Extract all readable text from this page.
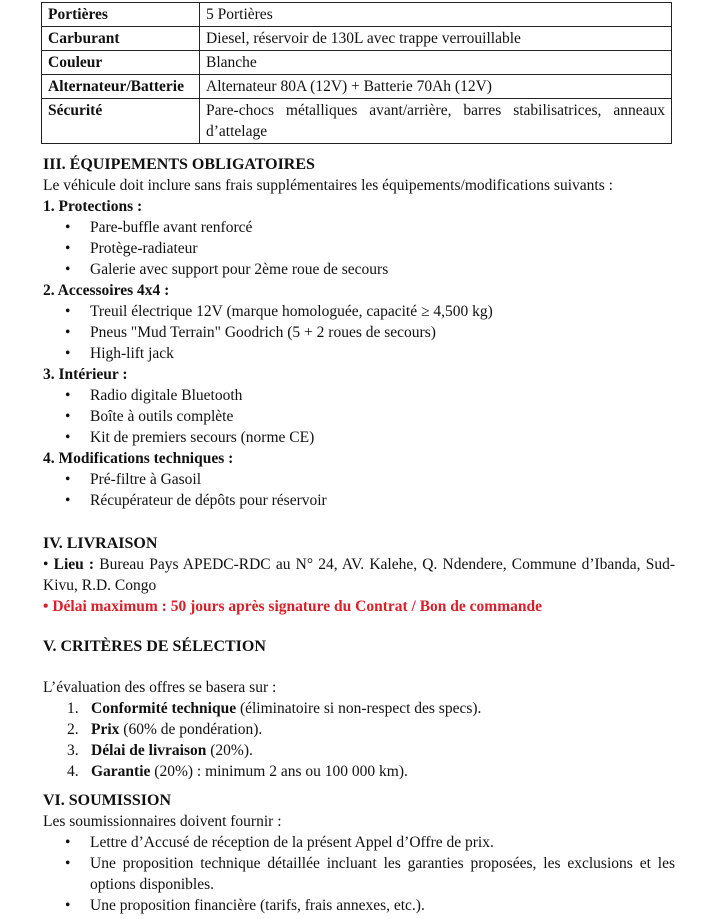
Portières	5 Portières
Carburant	Diesel, réservoir de 130L avec trappe verrouillable
Couleur	Blanche
Alternateur/Batterie	Alternateur 80A (12V) + Batterie 70Ah (12V)
Sécurité	Pare-chocs métalliques avant/arrière, barres stabilisatrices, anneaux d’attelage
III. ÉQUIPEMENTS OBLIGATOIRES

Le véhicule doit inclure sans frais supplémentaires les équipements/modifications suivants :

1. Protections :

• Pare-buffle avant renforcé
• Protège-radiateur
• Galerie avec support pour 2ème roue de secours

2. Accessoires 4x4 :

• Treuil électrique 12V (marque homologuée, capacité ≥ 4,500 kg)
• Pneus "Mud Terrain" Goodrich (5 + 2 roues de secours)
• High-lift jack

3. Intérieur :

• Radio digitale Bluetooth
• Boîte à outils complète
• Kit de premiers secours (norme CE)

4. Modifications techniques :

• Pré-filtre à Gasoil
• Récupérateur de dépôts pour réservoir
IV. LIVRAISON

• Lieu : Bureau Pays APEDC-RDC au N° 24, AV. Kalehe, Q. Ndendere, Commune d’Ibanda, Sud-Kivu, R.D. Congo

• Délai maximum : 50 jours après signature du Contrat / Bon de commande

V. CRITÈRES DE SÉLECTION

L’évaluation des offres se basera sur :

1. Conformité technique (éliminatoire si non-respect des specs).
2. Prix (60% de pondération).
3. Délai de livraison (20%).
4. Garantie (20%) : minimum 2 ans ou 100 000 km).
VI. SOUMISSION

Les soumissionnaires doivent fournir :

• Lettre d’Accusé de réception de la présent Appel d’Offre de prix.
• Une proposition technique détaillée incluant les garanties proposées, les exclusions et les options disponibles.
• Une proposition financière (tarifs, frais annexes, etc.).
